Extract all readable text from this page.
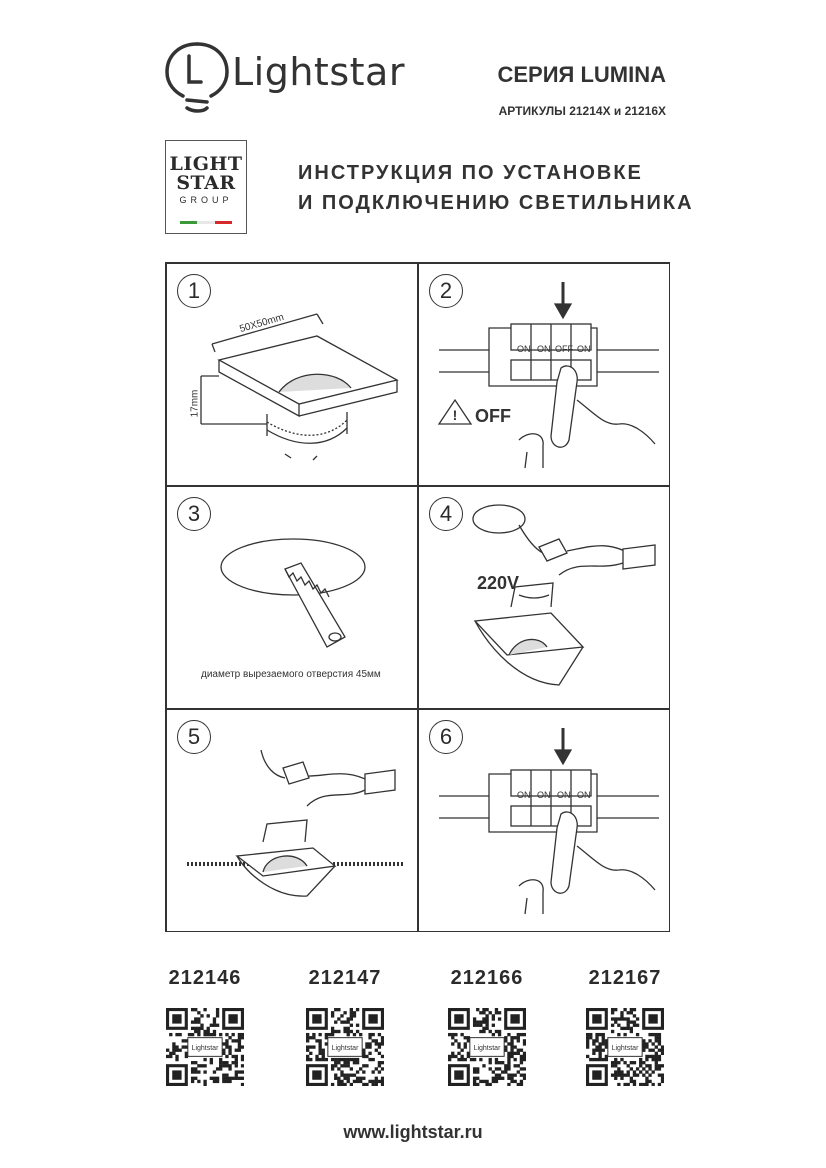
Lightstar	СЕРИЯ LUMINA
АРТИКУЛЫ 21214X и 21216X
LIGHT
STAR
GROUP
ИНСТРУКЦИЯ ПО УСТАНОВКЕ
И ПОДКЛЮЧЕНИЮ СВЕТИЛЬНИКА
1
50X50mm
17mm
2
!
ON ON OFF ON
OFF
3
диаметр вырезаемого отверстия 45мм
4
220V
5	6
ON ON ON ON
212146
Lightstar
212147
Lightstar
212166
Lightstar
212167
Lightstar
www.lightstar.ru
